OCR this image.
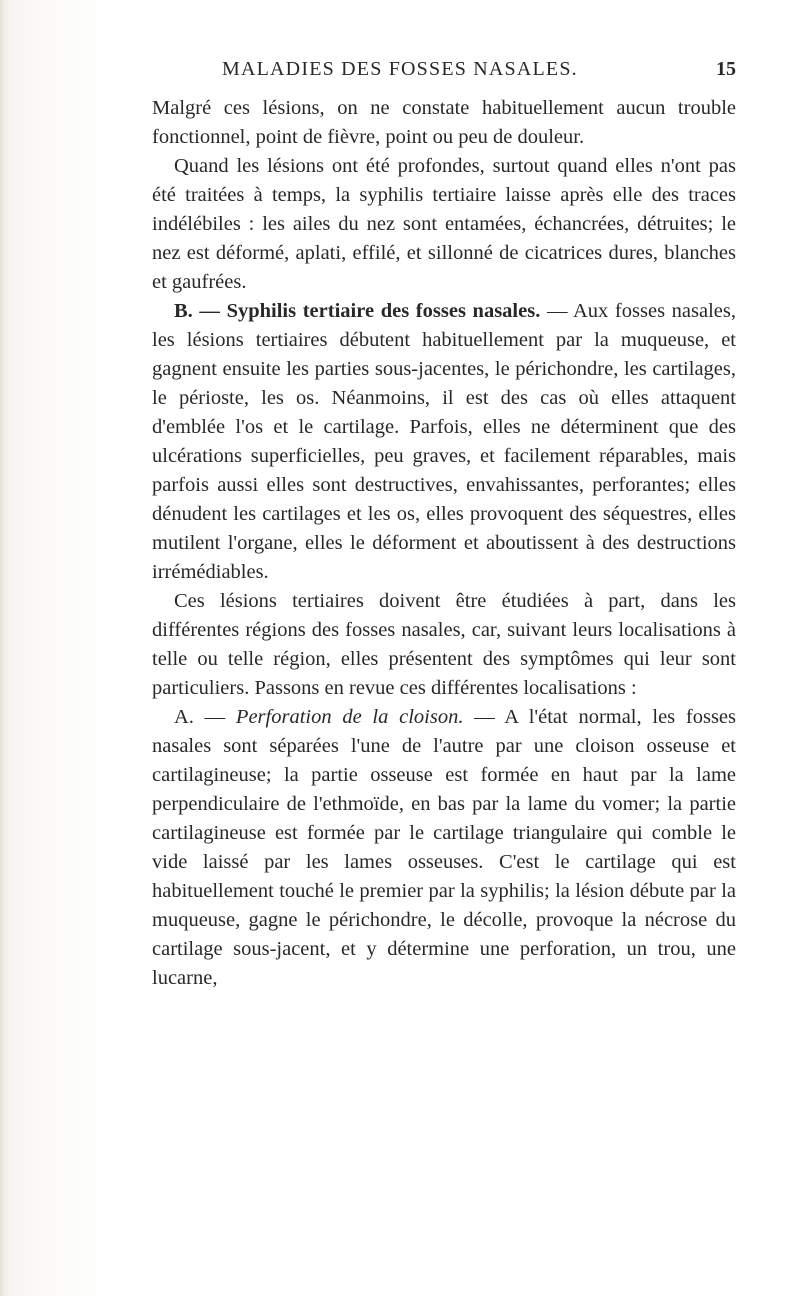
MALADIES DES FOSSES NASALES.	15

Malgré ces lésions, on ne constate habituellement aucun trouble fonctionnel, point de fièvre, point ou peu de douleur.

Quand les lésions ont été profondes, surtout quand elles n'ont pas été traitées à temps, la syphilis tertiaire laisse après elle des traces indélébiles : les ailes du nez sont entamées, échancrées, détruites; le nez est déformé, aplati, effilé, et sillonné de cicatrices dures, blanches et gaufrées.

B. — Syphilis tertiaire des fosses nasales. — Aux fosses nasales, les lésions tertiaires débutent habituellement par la muqueuse, et gagnent ensuite les parties sous-jacentes, le périchondre, les cartilages, le périoste, les os. Néanmoins, il est des cas où elles attaquent d'emblée l'os et le cartilage. Parfois, elles ne déterminent que des ulcérations superficielles, peu graves, et facilement réparables, mais parfois aussi elles sont destructives, envahissantes, perforantes; elles dénudent les cartilages et les os, elles provoquent des séquestres, elles mutilent l'organe, elles le déforment et aboutissent à des destructions irrémédiables.

Ces lésions tertiaires doivent être étudiées à part, dans les différentes régions des fosses nasales, car, suivant leurs localisations à telle ou telle région, elles présentent des symptômes qui leur sont particuliers. Passons en revue ces différentes localisations :

A. — Perforation de la cloison. — A l'état normal, les fosses nasales sont séparées l'une de l'autre par une cloison osseuse et cartilagineuse; la partie osseuse est formée en haut par la lame perpendiculaire de l'ethmoïde, en bas par la lame du vomer; la partie cartilagineuse est formée par le cartilage triangulaire qui comble le vide laissé par les lames osseuses. C'est le cartilage qui est habituellement touché le premier par la syphilis; la lésion débute par la muqueuse, gagne le périchondre, le décolle, provoque la nécrose du cartilage sous-jacent, et y détermine une perforation, un trou, une lucarne,
